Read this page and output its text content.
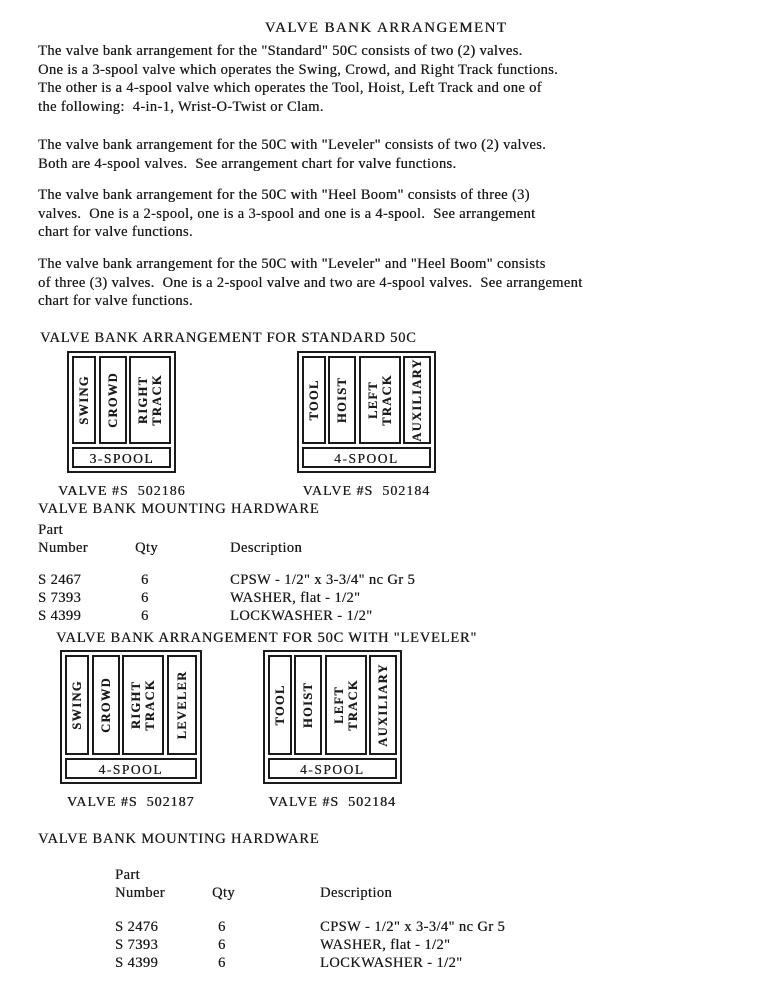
VALVE BANK ARRANGEMENT
The valve bank arrangement for the "Standard" 50C consists of two (2) valves.
One is a 3-spool valve which operates the Swing, Crowd, and Right Track functions.
The other is a 4-spool valve which operates the Tool, Hoist, Left Track and one of
the following:  4-in-1, Wrist-O-Twist or Clam.
The valve bank arrangement for the 50C with "Leveler" consists of two (2) valves.
Both are 4-spool valves.  See arrangement chart for valve functions.
The valve bank arrangement for the 50C with "Heel Boom" consists of three (3)
valves.  One is a 2-spool, one is a 3-spool and one is a 4-spool.  See arrangement
chart for valve functions.
The valve bank arrangement for the 50C with "Leveler" and "Heel Boom" consists
of three (3) valves.  One is a 2-spool valve and two are 4-spool valves.  See arrangement
chart for valve functions.
VALVE BANK ARRANGEMENT FOR STANDARD 50C
SWING CROWD RIGHT TRACK
3-SPOOL
VALVE #S  502186
TOOL HOIST LEFT TRACK AUXILIARY
4-SPOOL
VALVE #S  502184
VALVE BANK MOUNTING HARDWARE
Part
Number	Qty	Description
S 2467	6	CPSW - 1/2" x 3-3/4" nc Gr 5
S 7393	6	WASHER, flat - 1/2"
S 4399	6	LOCKWASHER - 1/2"
VALVE BANK ARRANGEMENT FOR 50C WITH "LEVELER"
SWING CROWD RIGHT TRACK LEVELER
4-SPOOL
VALVE #S  502187
TOOL HOIST LEFT TRACK AUXILIARY
4-SPOOL
VALVE #S  502184
VALVE BANK MOUNTING HARDWARE
Part
Number	Qty	Description
S 2476	6	CPSW - 1/2" x 3-3/4" nc Gr 5
S 7393	6	WASHER, flat - 1/2"
S 4399	6	LOCKWASHER - 1/2"
